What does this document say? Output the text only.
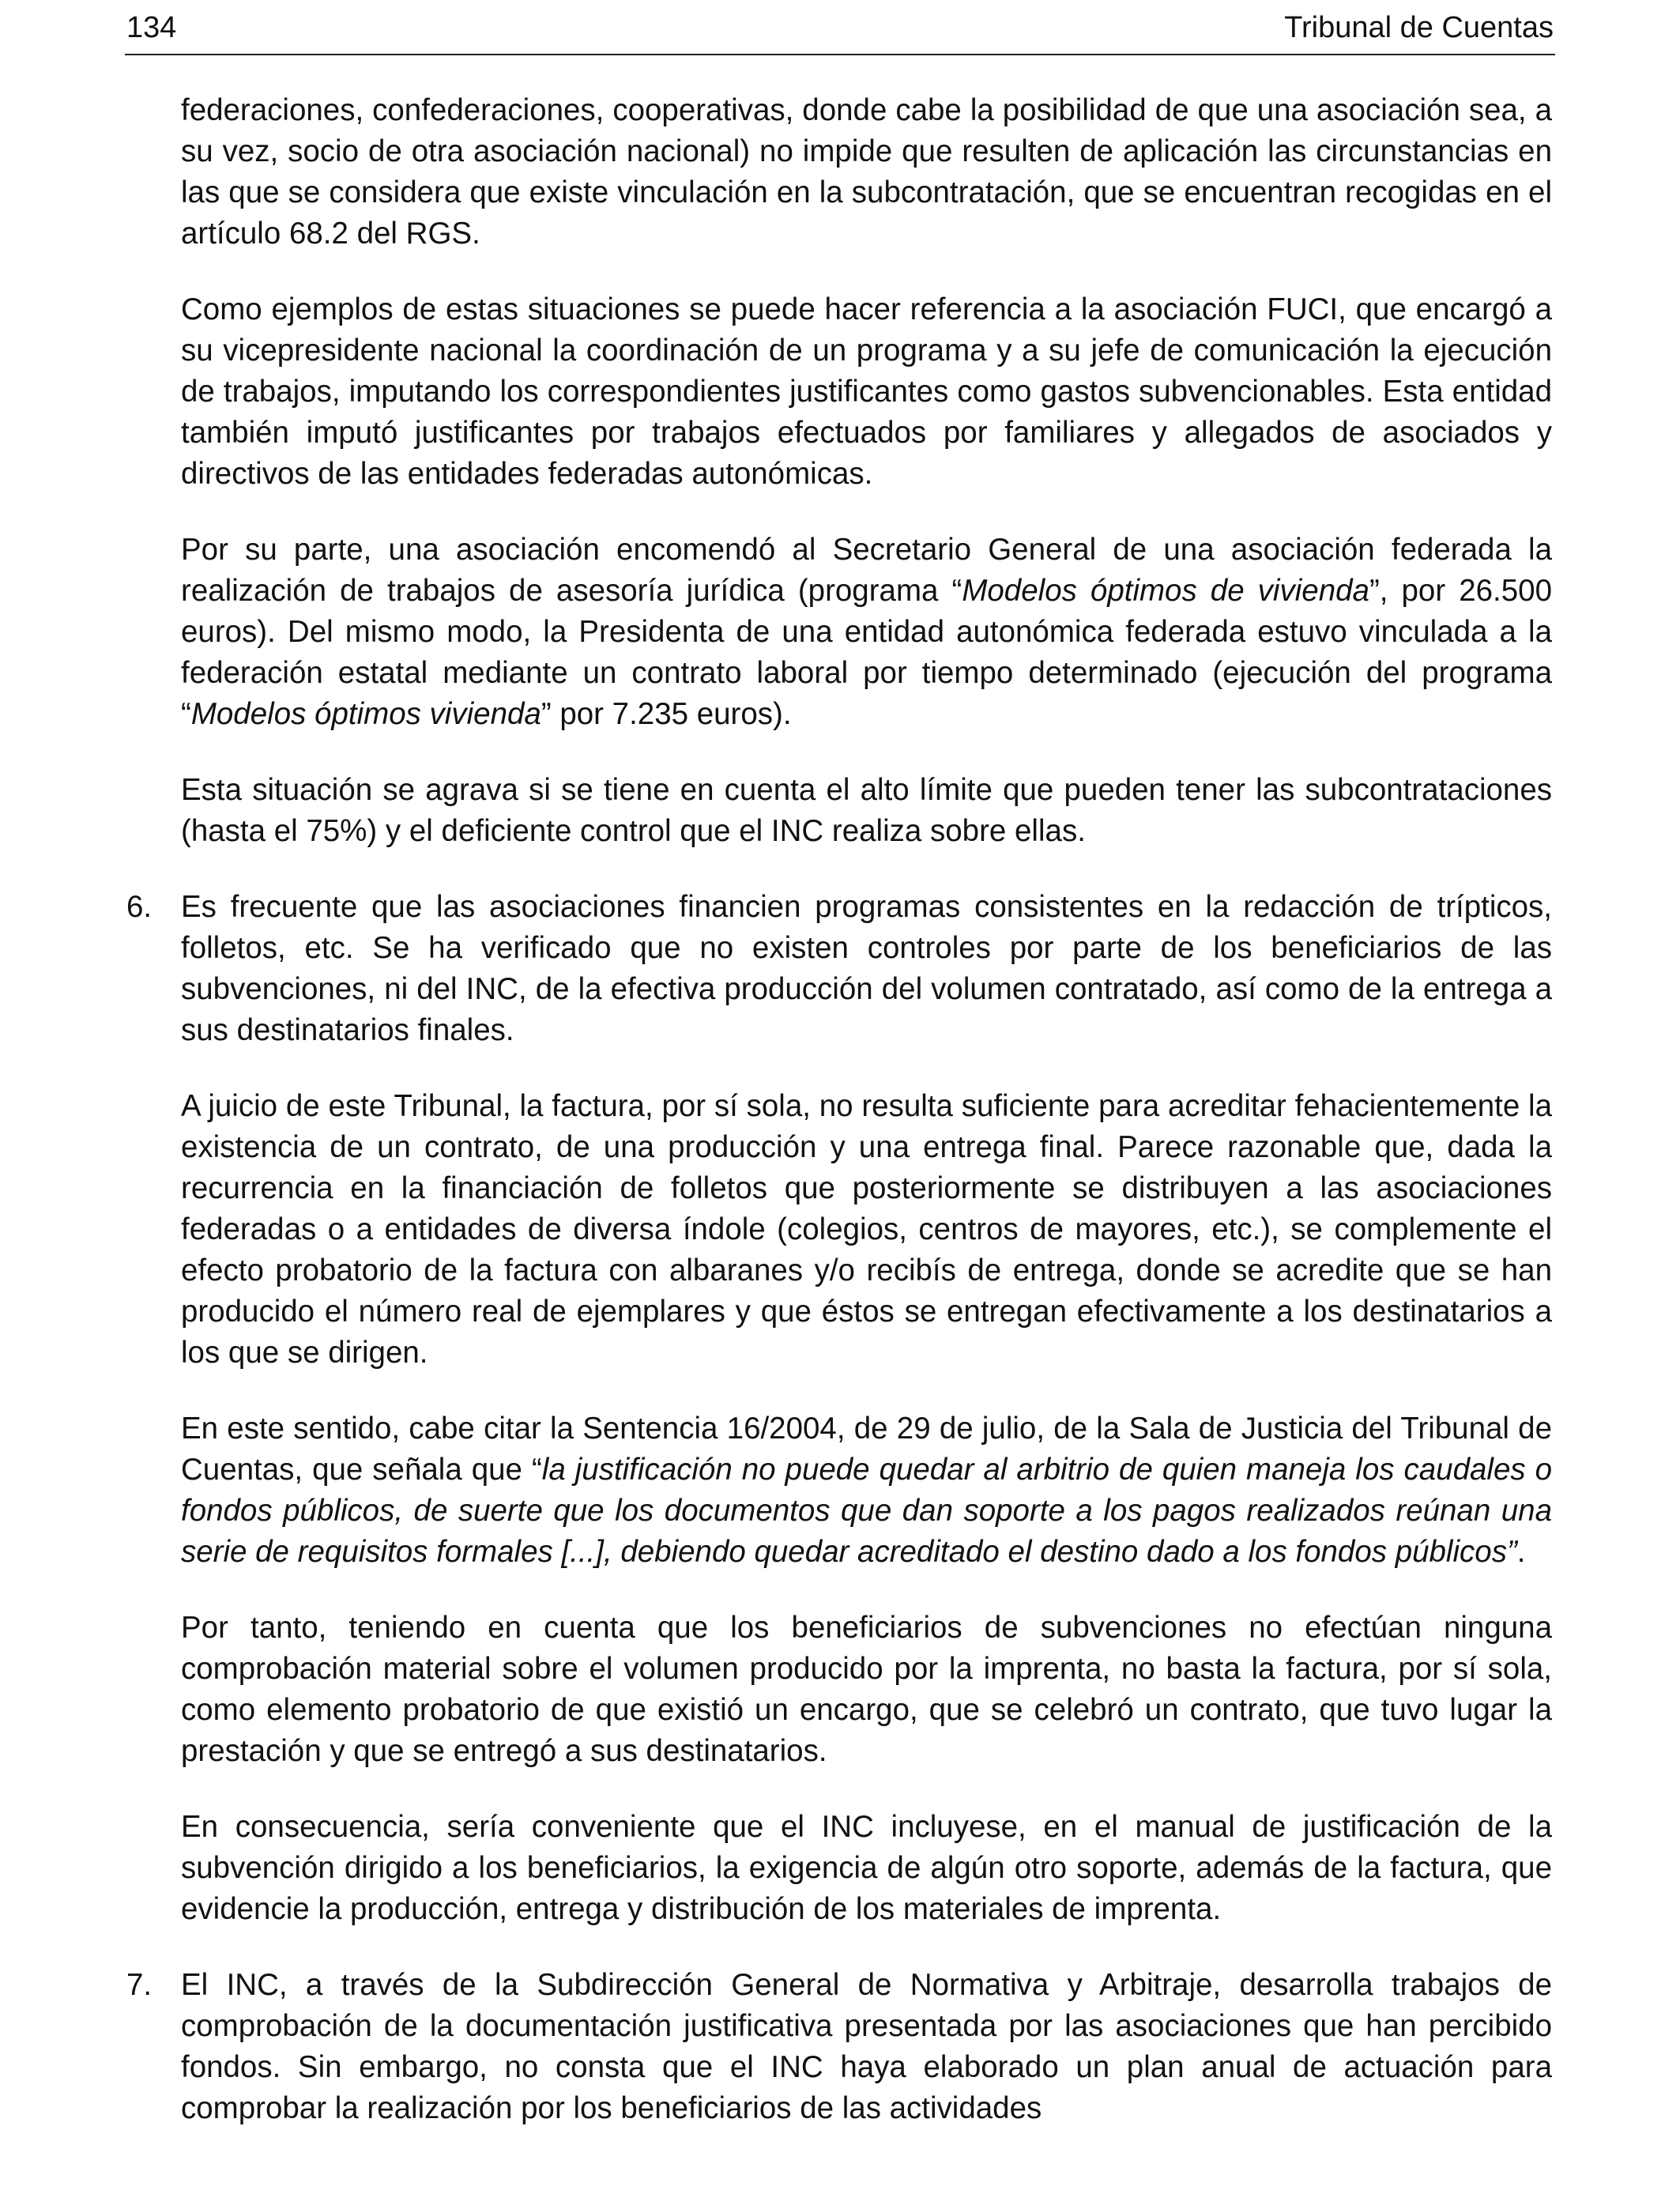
134	Tribunal de Cuentas

federaciones, confederaciones, cooperativas, donde cabe la posibilidad de que una asociación sea, a su vez, socio de otra asociación nacional) no impide que resulten de aplicación las circunstancias en las que se considera que existe vinculación en la subcontratación, que se encuentran recogidas en el artículo 68.2 del RGS.

Como ejemplos de estas situaciones se puede hacer referencia a la asociación FUCI, que encargó a su vicepresidente nacional la coordinación de un programa y a su jefe de comunicación la ejecución de trabajos, imputando los correspondientes justificantes como gastos subvencionables. Esta entidad también imputó justificantes por trabajos efectuados por familiares y allegados de asociados y directivos de las entidades federadas autonómicas.

Por su parte, una asociación encomendó al Secretario General de una asociación federada la realización de trabajos de asesoría jurídica (programa “Modelos óptimos de vivienda”, por 26.500 euros). Del mismo modo, la Presidenta de una entidad autonómica federada estuvo vinculada a la federación estatal mediante un contrato laboral por tiempo determinado (ejecución del programa “Modelos óptimos vivienda” por 7.235 euros).

Esta situación se agrava si se tiene en cuenta el alto límite que pueden tener las subcontrataciones (hasta el 75%) y el deficiente control que el INC realiza sobre ellas.

6. Es frecuente que las asociaciones financien programas consistentes en la redacción de trípticos, folletos, etc. Se ha verificado que no existen controles por parte de los beneficiarios de las subvenciones, ni del INC, de la efectiva producción del volumen contratado, así como de la entrega a sus destinatarios finales.

A juicio de este Tribunal, la factura, por sí sola, no resulta suficiente para acreditar fehacientemente la existencia de un contrato, de una producción y una entrega final. Parece razonable que, dada la recurrencia en la financiación de folletos que posteriormente se distribuyen a las asociaciones federadas o a entidades de diversa índole (colegios, centros de mayores, etc.), se complemente el efecto probatorio de la factura con albaranes y/o recibís de entrega, donde se acredite que se han producido el número real de ejemplares y que éstos se entregan efectivamente a los destinatarios a los que se dirigen.

En este sentido, cabe citar la Sentencia 16/2004, de 29 de julio, de la Sala de Justicia del Tribunal de Cuentas, que señala que “la justificación no puede quedar al arbitrio de quien maneja los caudales o fondos públicos, de suerte que los documentos que dan soporte a los pagos realizados reúnan una serie de requisitos formales [...], debiendo quedar acreditado el destino dado a los fondos públicos”.

Por tanto, teniendo en cuenta que los beneficiarios de subvenciones no efectúan ninguna comprobación material sobre el volumen producido por la imprenta, no basta la factura, por sí sola, como elemento probatorio de que existió un encargo, que se celebró un contrato, que tuvo lugar la prestación y que se entregó a sus destinatarios.

En consecuencia, sería conveniente que el INC incluyese, en el manual de justificación de la subvención dirigido a los beneficiarios, la exigencia de algún otro soporte, además de la factura, que evidencie la producción, entrega y distribución de los materiales de imprenta.

7. El INC, a través de la Subdirección General de Normativa y Arbitraje, desarrolla trabajos de comprobación de la documentación justificativa presentada por las asociaciones que han percibido fondos. Sin embargo, no consta que el INC haya elaborado un plan anual de actuación para comprobar la realización por los beneficiarios de las actividades
